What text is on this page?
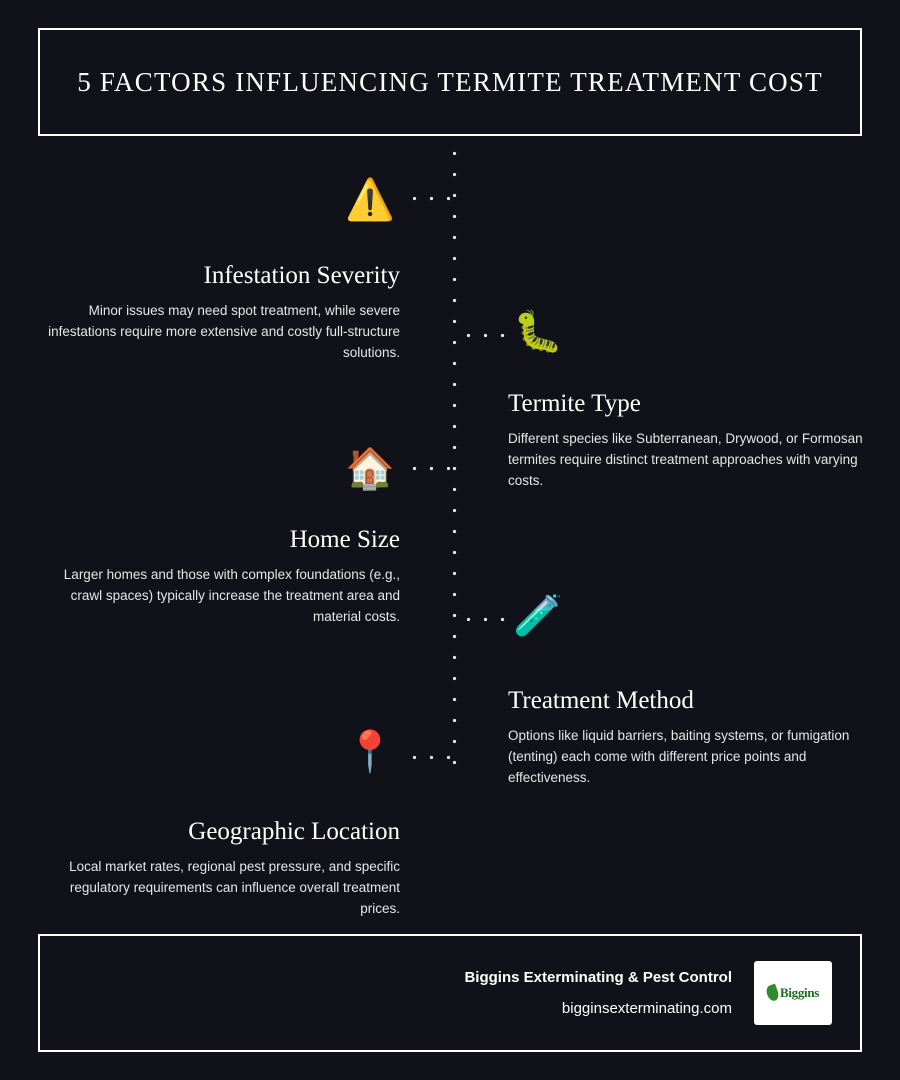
5 FACTORS INFLUENCING TERMITE TREATMENT COST
⚠️
🐛
🏠
🧪
📍
Infestation Severity

Minor issues may need spot treatment, while severe infestations require more extensive and costly full-structure solutions.

Termite Type

Different species like Subterranean, Drywood, or Formosan termites require distinct treatment approaches with varying costs.

Home Size

Larger homes and those with complex foundations (e.g., crawl spaces) typically increase the treatment area and material costs.

Treatment Method

Options like liquid barriers, baiting systems, or fumigation (tenting) each come with different price points and effectiveness.

Geographic Location

Local market rates, regional pest pressure, and specific regulatory requirements can influence overall treatment prices.

Biggins Exterminating & Pest Control
bigginsexterminating.com
Biggins
